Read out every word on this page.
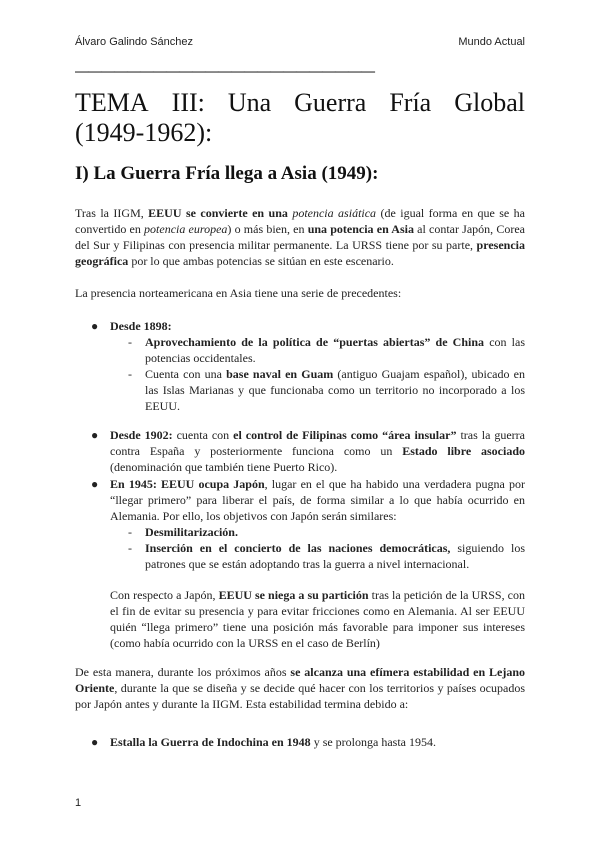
Álvaro Galindo Sánchez	Mundo Actual
———————————————————————
TEMA III: Una Guerra Fría Global
(1949-1962):
I) La Guerra Fría llega a Asia (1949):
Tras la IIGM, EEUU se convierte en una potencia asiática (de igual forma en que se ha convertido en potencia europea) o más bien, en una potencia en Asia al contar Japón, Corea del Sur y Filipinas con presencia militar permanente. La URSS tiene por su parte, presencia geográfica por lo que ambas potencias se sitúan en este escenario.
La presencia norteamericana en Asia tiene una serie de precedentes:
● Desde 1898:
- Aprovechamiento de la política de “puertas abiertas” de China con las potencias occidentales.
- Cuenta con una base naval en Guam (antiguo Guajam español), ubicado en las Islas Marianas y que funcionaba como un territorio no incorporado a los EEUU.
● Desde 1902: cuenta con el control de Filipinas como “área insular” tras la guerra contra España y posteriormente funciona como un Estado libre asociado (denominación que también tiene Puerto Rico).
● En 1945: EEUU ocupa Japón, lugar en el que ha habido una verdadera pugna por “llegar primero” para liberar el país, de forma similar a lo que había ocurrido en Alemania. Por ello, los objetivos con Japón serán similares:
- Desmilitarización.
- Inserción en el concierto de las naciones democráticas, siguiendo los patrones que se están adoptando tras la guerra a nivel internacional.
Con respecto a Japón, EEUU se niega a su partición tras la petición de la URSS, con el fin de evitar su presencia y para evitar fricciones como en Alemania. Al ser EEUU quién “llega primero” tiene una posición más favorable para imponer sus intereses (como había ocurrido con la URSS en el caso de Berlín)
De esta manera, durante los próximos años se alcanza una efímera estabilidad en Lejano Oriente, durante la que se diseña y se decide qué hacer con los territorios y países ocupados por Japón antes y durante la IIGM. Esta estabilidad termina debido a:
● Estalla la Guerra de Indochina en 1948 y se prolonga hasta 1954.
1
